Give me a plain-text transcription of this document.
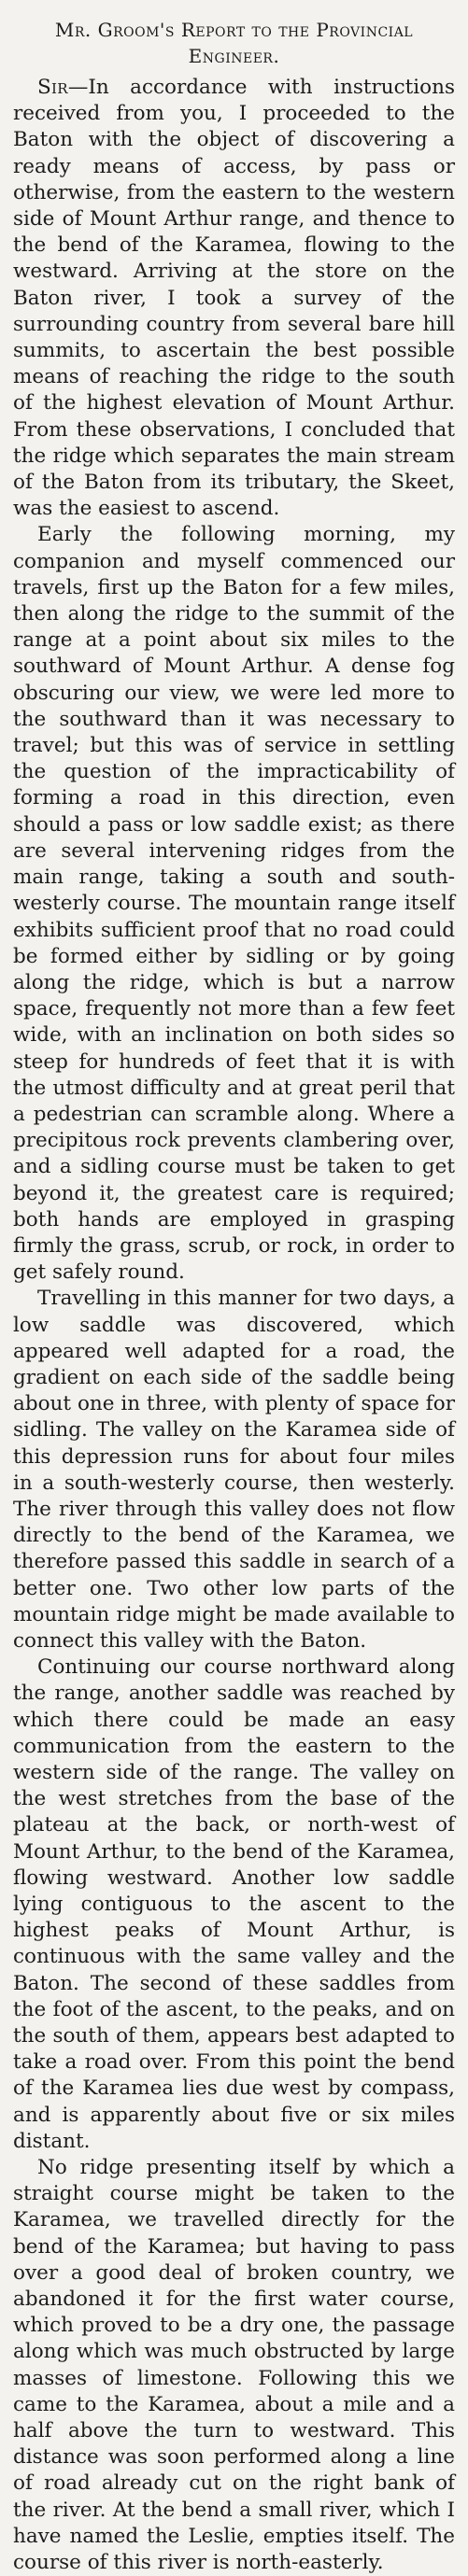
Mr. Groom's Report to the Provincial Engineer.

Sir—In accordance with instructions received from you, I proceeded to the Baton with the object of discovering a ready means of access, by pass or otherwise, from the eastern to the western side of Mount Arthur range, and thence to the bend of the Karamea, flowing to the westward. Arriving at the store on the Baton river, I took a survey of the surrounding country from several bare hill summits, to ascertain the best possible means of reaching the ridge to the south of the highest elevation of Mount Arthur. From these observations, I concluded that the ridge which separates the main stream of the Baton from its tributary, the Skeet, was the easiest to ascend.

Early the following morning, my companion and myself commenced our travels, first up the Baton for a few miles, then along the ridge to the summit of the range at a point about six miles to the southward of Mount Arthur. A dense fog obscuring our view, we were led more to the southward than it was necessary to travel; but this was of service in settling the question of the impracticability of forming a road in this direction, even should a pass or low saddle exist; as there are several intervening ridges from the main range, taking a south and south-westerly course. The mountain range itself exhibits sufficient proof that no road could be formed either by sidling or by going along the ridge, which is but a narrow space, frequently not more than a few feet wide, with an inclination on both sides so steep for hundreds of feet that it is with the utmost difficulty and at great peril that a pedestrian can scramble along. Where a precipitous rock prevents clambering over, and a sidling course must be taken to get beyond it, the greatest care is required; both hands are employed in grasping firmly the grass, scrub, or rock, in order to get safely round.

Travelling in this manner for two days, a low saddle was discovered, which appeared well adapted for a road, the gradient on each side of the saddle being about one in three, with plenty of space for sidling. The valley on the Karamea side of this depression runs for about four miles in a south-westerly course, then westerly. The river through this valley does not flow directly to the bend of the Karamea, we therefore passed this saddle in search of a better one. Two other low parts of the mountain ridge might be made available to connect this valley with the Baton.

Continuing our course northward along the range, another saddle was reached by which there could be made an easy communication from the eastern to the western side of the range. The valley on the west stretches from the base of the plateau at the back, or north-west of Mount Arthur, to the bend of the Karamea, flowing westward. Another low saddle lying contiguous to the ascent to the highest peaks of Mount Arthur, is continuous with the same valley and the Baton. The second of these saddles from the foot of the ascent, to the peaks, and on the south of them, appears best adapted to take a road over. From this point the bend of the Karamea lies due west by compass, and is apparently about five or six miles distant.

No ridge presenting itself by which a straight course might be taken to the Karamea, we travelled directly for the bend of the Karamea; but having to pass over a good deal of broken country, we abandoned it for the first water course, which proved to be a dry one, the passage along which was much obstructed by large masses of limestone. Following this we came to the Karamea, about a mile and a half above the turn to westward. This distance was soon performed along a line of road already cut on the right bank of the river. At the bend a small river, which I have named the Leslie, empties itself. The course of this river is north-easterly.
